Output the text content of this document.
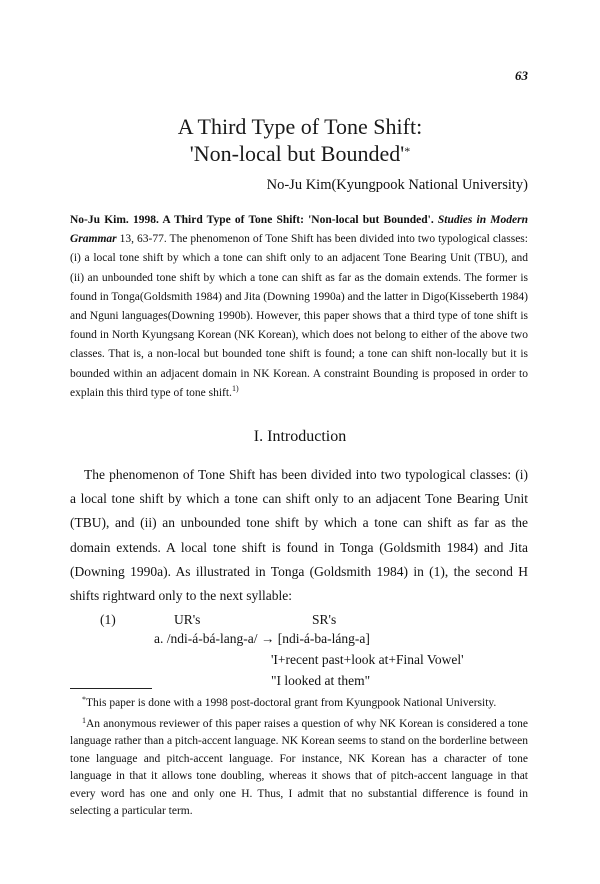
63
A Third Type of Tone Shift:
'Non-local but Bounded'*
No-Ju Kim(Kyungpook National University)
No-Ju Kim. 1998. A Third Type of Tone Shift: 'Non-local but Bounded'. Studies in Modern Grammar 13, 63-77. The phenomenon of Tone Shift has been divided into two typological classes: (i) a local tone shift by which a tone can shift only to an adjacent Tone Bearing Unit (TBU), and (ii) an unbounded tone shift by which a tone can shift as far as the domain extends. The former is found in Tonga(Goldsmith 1984) and Jita (Downing 1990a) and the latter in Digo(Kisseberth 1984) and Nguni languages(Downing 1990b). However, this paper shows that a third type of tone shift is found in North Kyungsang Korean (NK Korean), which does not belong to either of the above two classes. That is, a non-local but bounded tone shift is found; a tone can shift non-locally but it is bounded within an adjacent domain in NK Korean. A constraint Bounding is proposed in order to explain this third type of tone shift.$^{1)}$
I. Introduction
The phenomenon of Tone Shift has been divided into two typological classes: (i) a local tone shift by which a tone can shift only to an adjacent Tone Bearing Unit (TBU), and (ii) an unbounded tone shift by which a tone can shift as far as the domain extends. A local tone shift is found in Tonga (Goldsmith 1984) and Jita (Downing 1990a). As illustrated in Tonga (Goldsmith 1984) in (1), the second H shifts rightward only to the next syllable:
(1)	UR's	SR's
a. /ndi-á-bá-lang-a/ → [ndi-á-ba-láng-a]
'I+recent past+look at+Final Vowel'
"I looked at them"

*This paper is done with a 1998 post-doctoral grant from Kyungpook National University.

$^1$An anonymous reviewer of this paper raises a question of why NK Korean is considered a tone language rather than a pitch-accent language. NK Korean seems to stand on the borderline between tone language and pitch-accent language. For instance, NK Korean has a character of tone language in that it allows tone doubling, whereas it shows that of pitch-accent language in that every word has one and only one H. Thus, I admit that no substantial difference is found in selecting a particular term.
